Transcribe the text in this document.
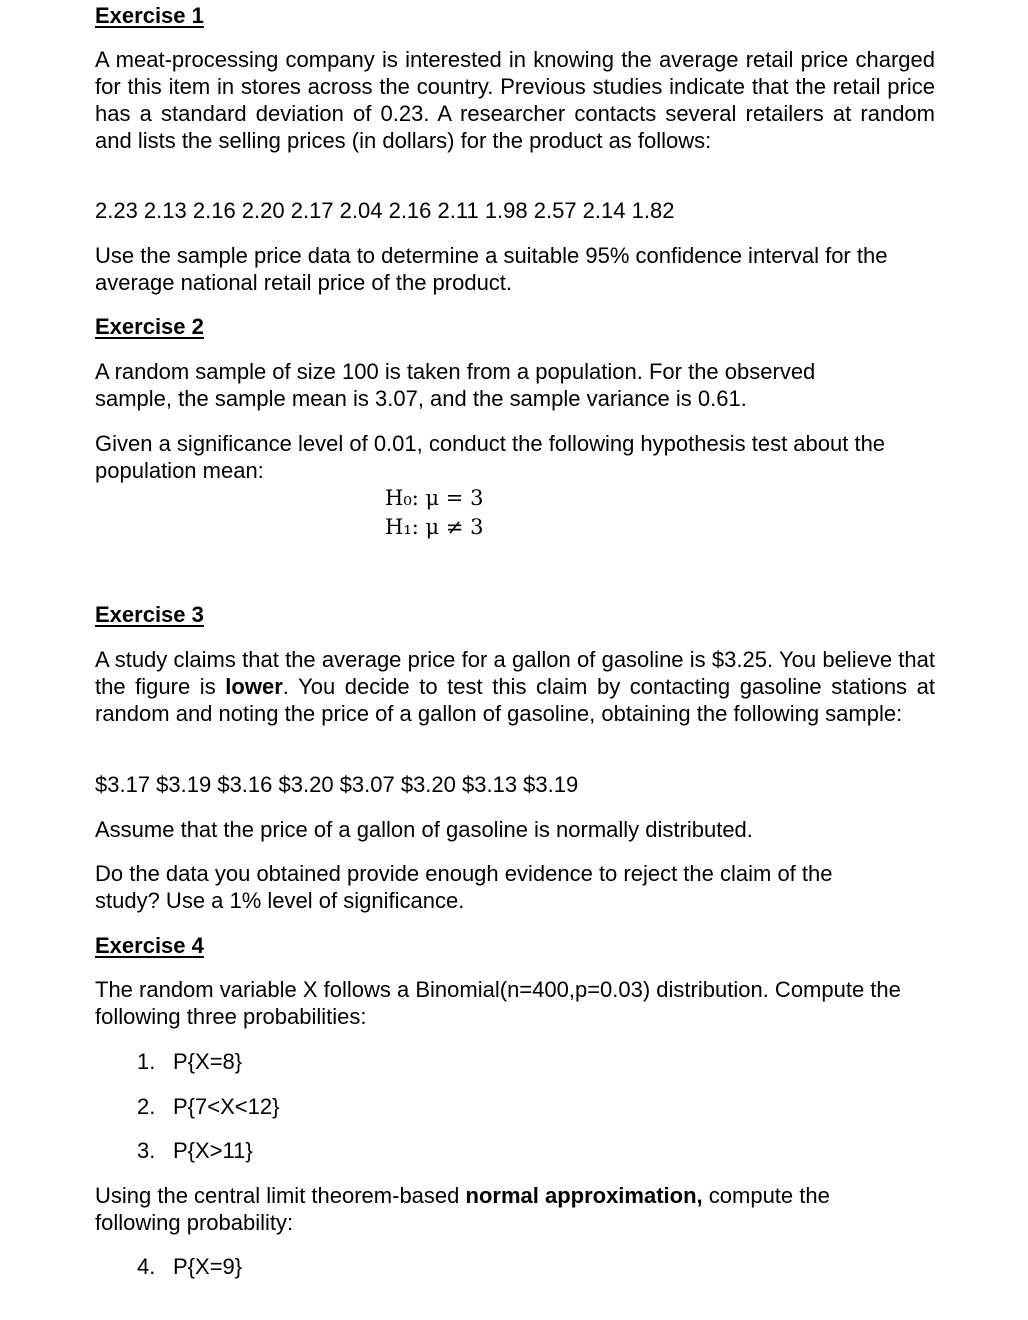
Exercise 1

A meat-processing company is interested in knowing the average retail price charged for this item in stores across the country. Previous studies indicate that the retail price has a standard deviation of 0.23. A researcher contacts several retailers at random and lists the selling prices (in dollars) for the product as follows:

2.23 2.13 2.16 2.20 2.17 2.04 2.16 2.11 1.98 2.57 2.14 1.82

Use the sample price data to determine a suitable 95% confidence interval for the average national retail price of the product.

Exercise 2

A random sample of size 100 is taken from a population. For the observed sample, the sample mean is 3.07, and the sample variance is 0.61.

Given a significance level of 0.01, conduct the following hypothesis test about the population mean:

H₀: μ = 3
H₁: μ ≠ 3
Exercise 3

A study claims that the average price for a gallon of gasoline is $3.25. You believe that the figure is lower. You decide to test this claim by contacting gasoline stations at random and noting the price of a gallon of gasoline, obtaining the following sample:

$3.17 $3.19 $3.16 $3.20 $3.07 $3.20 $3.13 $3.19

Assume that the price of a gallon of gasoline is normally distributed.

Do the data you obtained provide enough evidence to reject the claim of the study? Use a 1% level of significance.

Exercise 4

The random variable X follows a Binomial(n=400,p=0.03) distribution. Compute the following three probabilities:

1. P{X=8}
2. P{7<X<12}
3. P{X>11}

Using the central limit theorem-based normal approximation, compute the following probability:

4. P{X=9}
